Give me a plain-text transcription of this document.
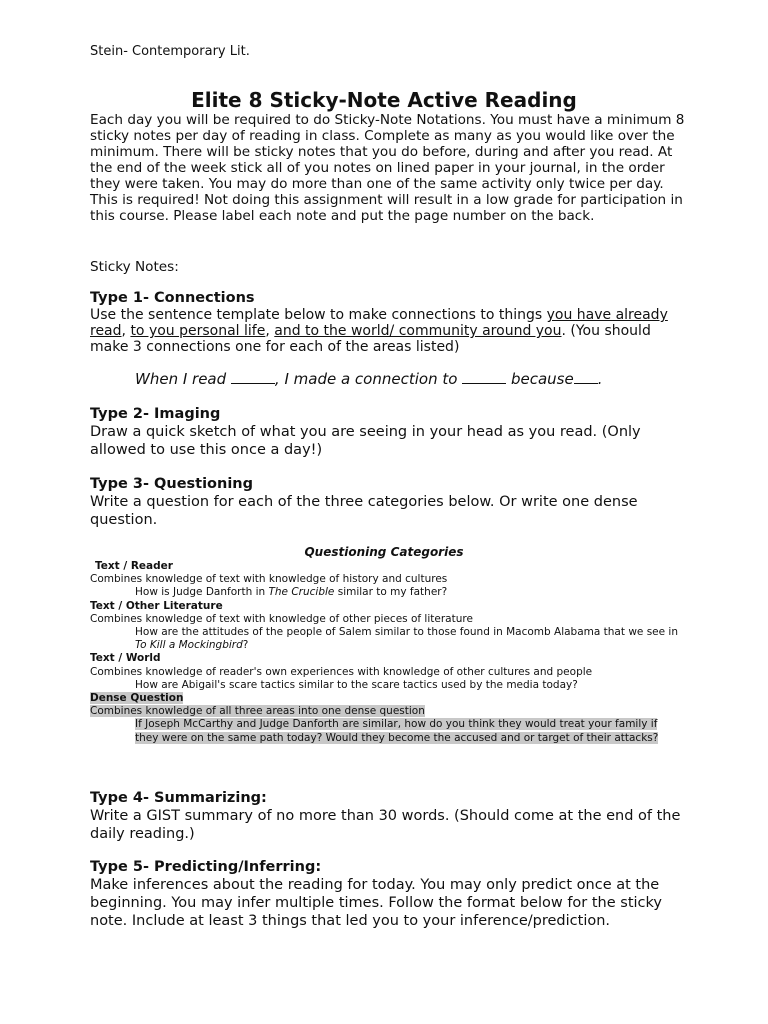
Stein- Contemporary Lit.
Elite 8 Sticky-Note Active Reading
Each day you will be required to do Sticky-Note Notations. You must have a minimum 8 sticky notes per day of reading in class. Complete as many as you would like over the minimum. There will be sticky notes that you do before, during and after you read. At the end of the week stick all of you notes on lined paper in your journal, in the order they were taken. You may do more than one of the same activity only twice per day. This is required! Not doing this assignment will result in a low grade for participation in this course. Please label each note and put the page number on the back.
Sticky Notes:
Type 1- Connections
Use the sentence template below to make connections to things you have already read, to you personal life, and to the world/ community around you. (You should make 3 connections one for each of the areas listed)
When I read	, I made a connection to	because .
Type 2- Imaging
Draw a quick sketch of what you are seeing in your head as you read. (Only allowed to use this once a day!)
Type 3- Questioning
Write a question for each of the three categories below. Or write one dense question.
Questioning Categories
Text / Reader
Combines knowledge of text with knowledge of history and cultures
How is Judge Danforth in The Crucible similar to my father?
Text / Other Literature
Combines knowledge of text with knowledge of other pieces of literature
How are the attitudes of the people of Salem similar to those found in Macomb Alabama that we see in To Kill a Mockingbird?
Text / World
Combines knowledge of reader's own experiences with knowledge of other cultures and people
How are Abigail's scare tactics similar to the scare tactics used by the media today?
Dense Question
Combines knowledge of all three areas into one dense question
If Joseph McCarthy and Judge Danforth are similar, how do you think they would treat your family if they were on the same path today? Would they become the accused and or target of their attacks?
Type 4- Summarizing:
Write a GIST summary of no more than 30 words. (Should come at the end of the daily reading.)
Type 5- Predicting/Inferring:
Make inferences about the reading for today. You may only predict once at the beginning. You may infer multiple times. Follow the format below for the sticky note. Include at least 3 things that led you to your inference/prediction.
